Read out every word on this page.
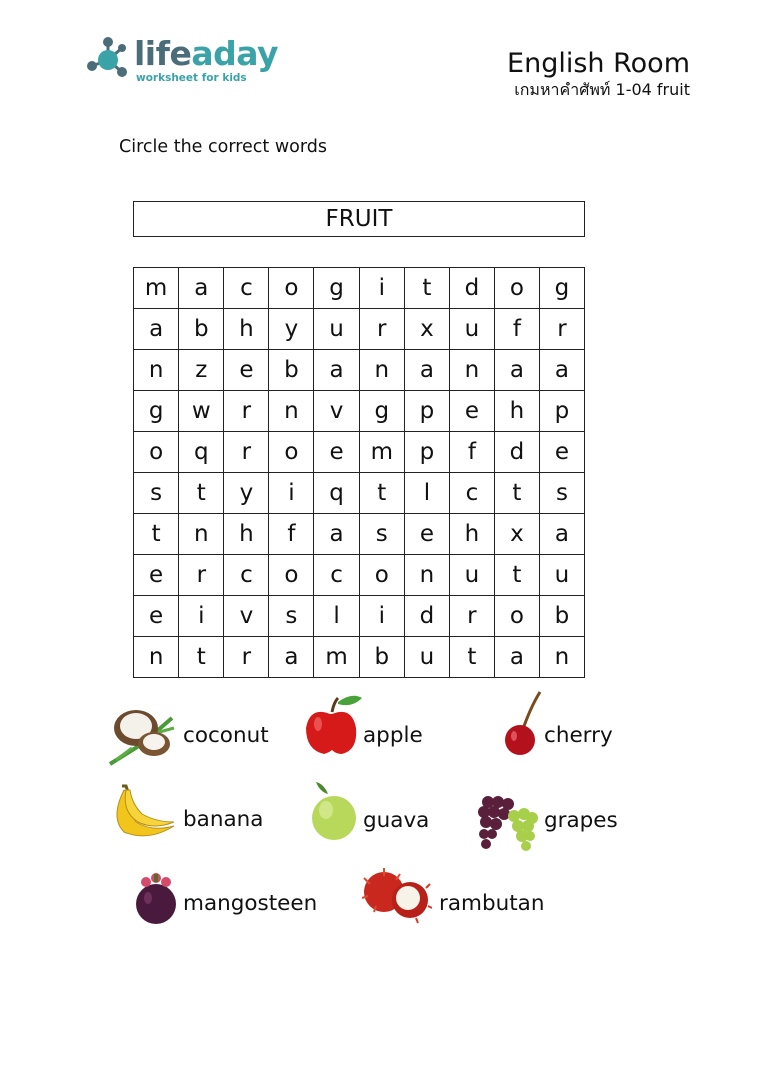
lifeaday
worksheet for kids	English Room
เกมหาคำศัพท์ 1-04 fruit
Circle the correct words
FRUIT
m	a	c	o	g	i	t	d	o	g
a	b	h	y	u	r	x	u	f	r
n	z	e	b	a	n	a	n	a	a
g	w	r	n	v	g	p	e	h	p
o	q	r	o	e	m	p	f	d	e
s	t	y	i	q	t	l	c	t	s
t	n	h	f	a	s	e	h	x	a
e	r	c	o	c	o	n	u	t	u
e	i	v	s	l	i	d	r	o	b
n	t	r	a	m	b	u	t	a	n
coconut	apple	cherry
banana	guava	grapes
mangosteen	rambutan
